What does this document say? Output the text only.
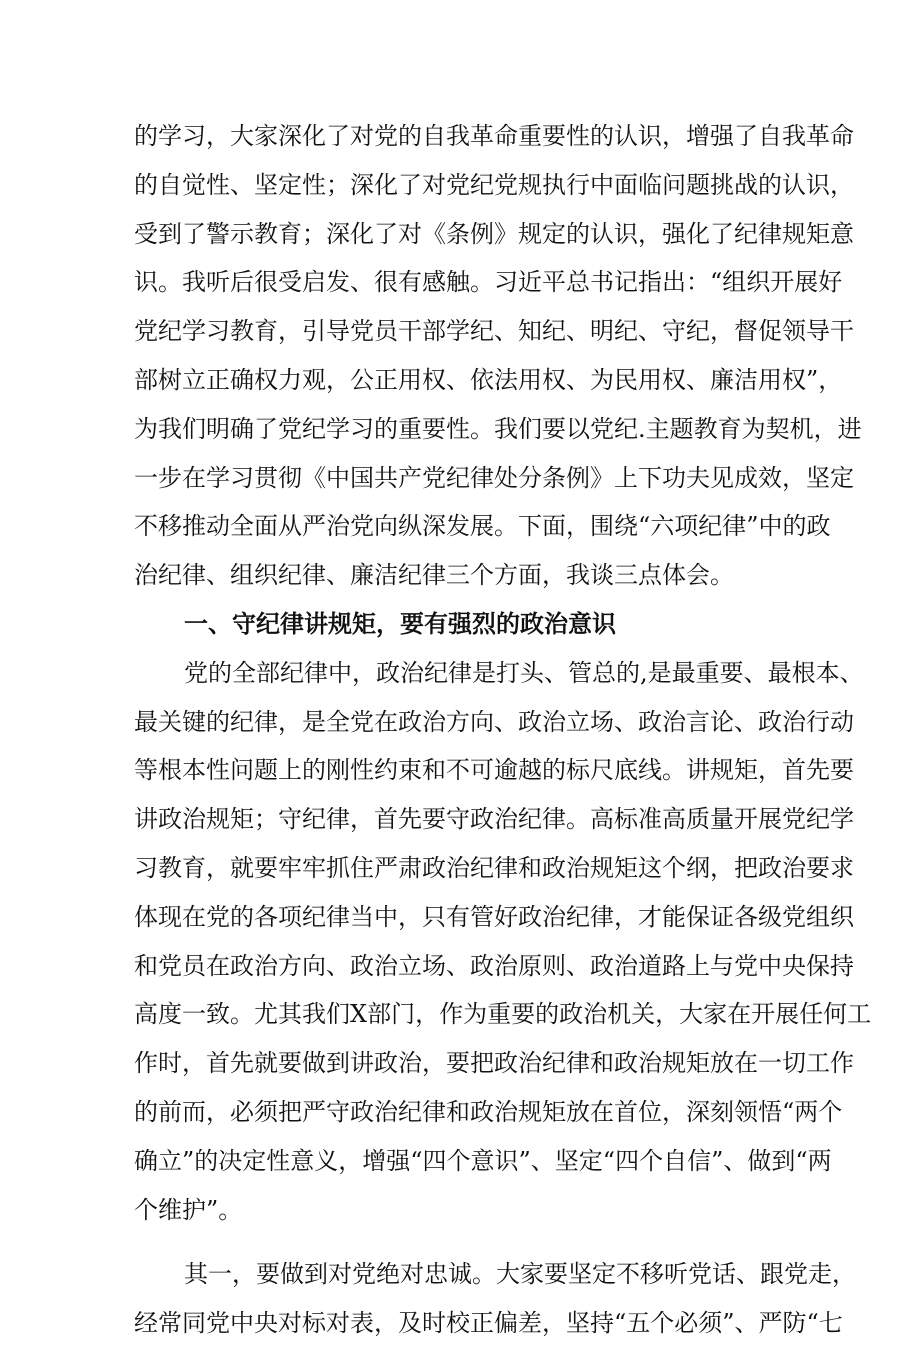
的学习，大家深化了对党的自我革命重要性的认识，增强了自我革命
的自觉性、坚定性；深化了对党纪党规执行中面临问题挑战的认识，
受到了警示教育；深化了对《条例》规定的认识，强化了纪律规矩意
识。我听后很受启发、很有感触。习近平总书记指出：“组织开展好
党纪学习教育，引导党员干部学纪、知纪、明纪、守纪，督促领导干
部树立正确权力观，公正用权、依法用权、为民用权、廉洁用权”，
为我们明确了党纪学习的重要性。我们要以党纪.主题教育为契机，进
一步在学习贯彻《中国共产党纪律处分条例》上下功夫见成效，坚定
不移推动全面从严治党向纵深发展。下面，围绕“六项纪律”中的政
治纪律、组织纪律、廉洁纪律三个方面，我谈三点体会。
一、守纪律讲规矩，要有强烈的政治意识
党的全部纪律中，政治纪律是打头、管总的,是最重要、最根本、
最关键的纪律，是全党在政治方向、政治立场、政治言论、政治行动
等根本性问题上的刚性约束和不可逾越的标尺底线。讲规矩，首先要
讲政治规矩；守纪律，首先要守政治纪律。高标准高质量开展党纪学
习教育，就要牢牢抓住严肃政治纪律和政治规矩这个纲，把政治要求
体现在党的各项纪律当中，只有管好政治纪律，才能保证各级党组织
和党员在政治方向、政治立场、政治原则、政治道路上与党中央保持
高度一致。尤其我们X部门，作为重要的政治机关，大家在开展任何工
作时，首先就要做到讲政治，要把政治纪律和政治规矩放在一切工作
的前而，必须把严守政治纪律和政治规矩放在首位，深刻领悟“两个
确立”的决定性意义，增强“四个意识”、坚定“四个自信”、做到“两
个维护”。
其一，要做到对党绝对忠诚。大家要坚定不移听党话、跟党走，
经常同党中央对标对表，及时校正偏差，坚持“五个必须”、严防“七
